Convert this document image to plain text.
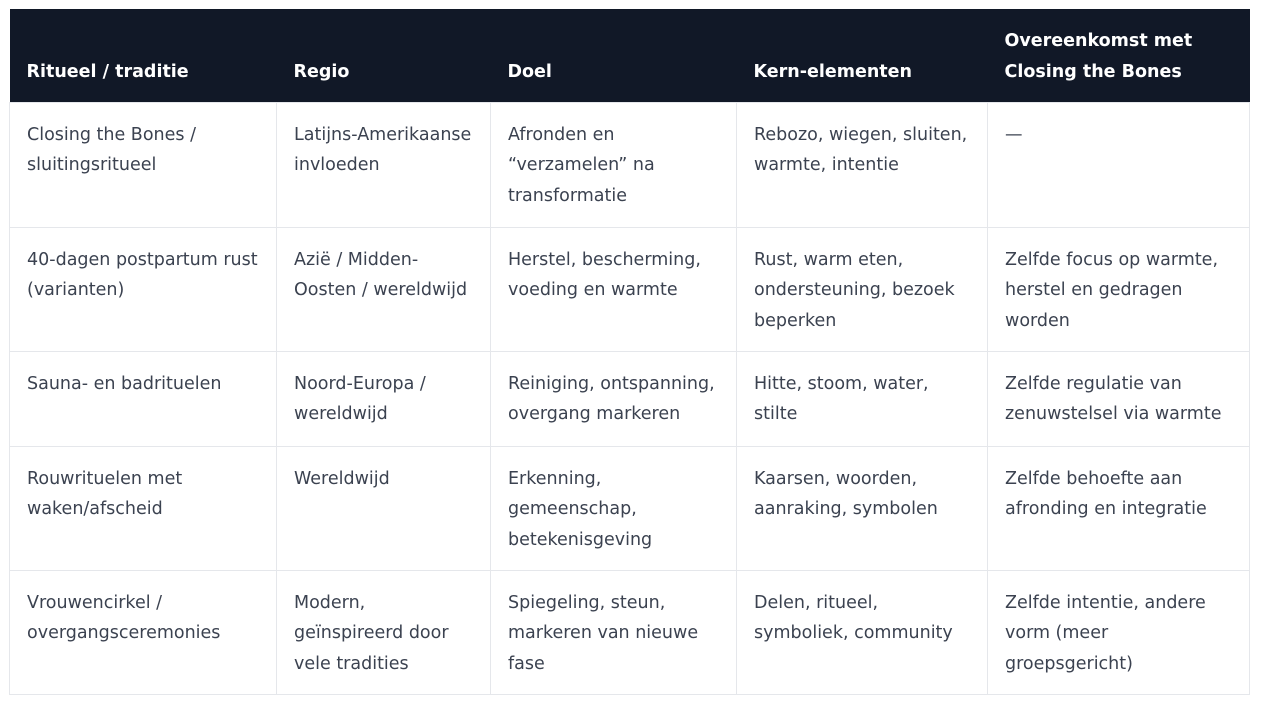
Ritueel / traditie	Regio	Doel	Kern-elementen	Overeenkomst met Closing the Bones
Closing the Bones / sluitingsritueel	Latijns-Amerikaanse invloeden	Afronden en “verzamelen” na transformatie	Rebozo, wiegen, sluiten, warmte, intentie	—
40-dagen postpartum rust (varianten)	Azië / Midden-Oosten / wereldwijd	Herstel, bescherming, voeding en warmte	Rust, warm eten, ondersteuning, bezoek beperken	Zelfde focus op warmte, herstel en gedragen worden
Sauna- en badrituelen	Noord-Europa / wereldwijd	Reiniging, ontspanning, overgang markeren	Hitte, stoom, water, stilte	Zelfde regulatie van zenuwstelsel via warmte
Rouwrituelen met waken/afscheid	Wereldwijd	Erkenning, gemeenschap, betekenisgeving	Kaarsen, woorden, aanraking, symbolen	Zelfde behoefte aan afronding en integratie
Vrouwencirkel / overgangsceremonies	Modern, geïnspireerd door vele tradities	Spiegeling, steun, markeren van nieuwe fase	Delen, ritueel, symboliek, community	Zelfde intentie, andere vorm (meer groepsgericht)
